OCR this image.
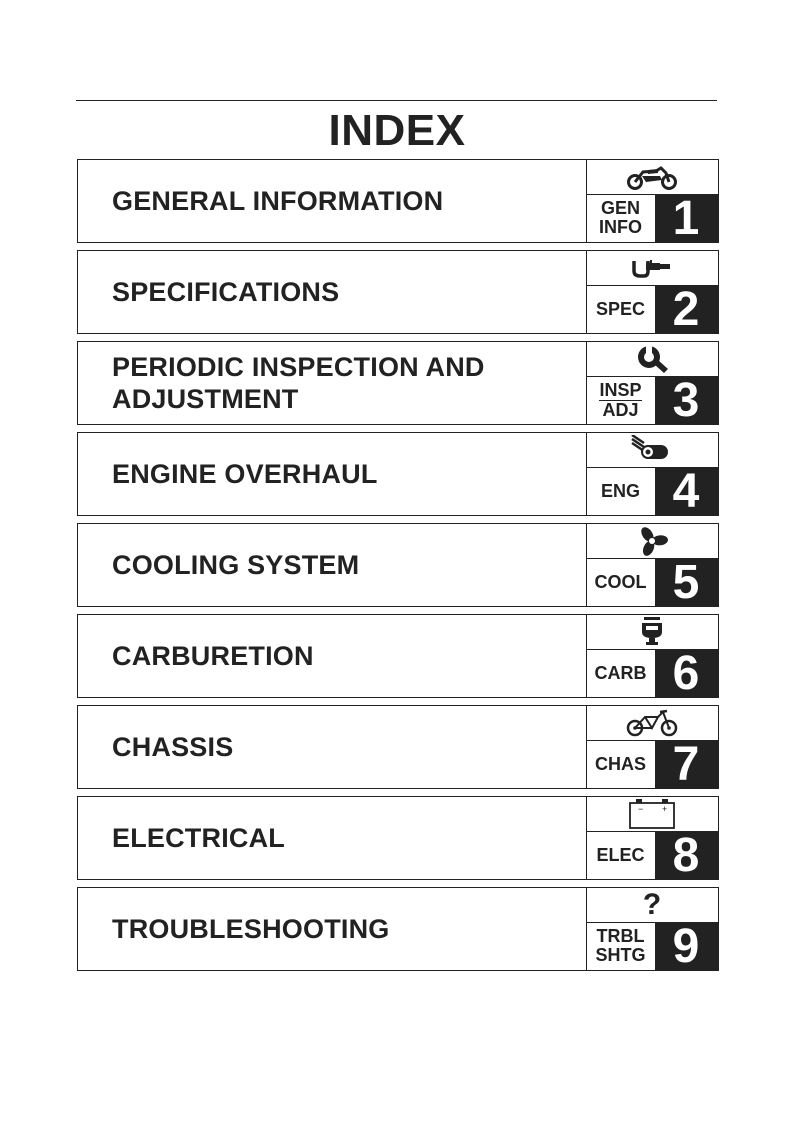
INDEX
GENERAL INFORMATION	GEN
INFO 1
SPECIFICATIONS
SPEC 2
PERIODIC INSPECTION AND
ADJUSTMENT	INSP
ADJ 3
ENGINE OVERHAUL
ENG 4
COOLING SYSTEM
COOL 5
CARBURETION
CARB 6
CHASSIS
CHAS 7
ELECTRICAL
− +
ELEC 8
TROUBLESHOOTING
?
TRBL
SHTG 9
